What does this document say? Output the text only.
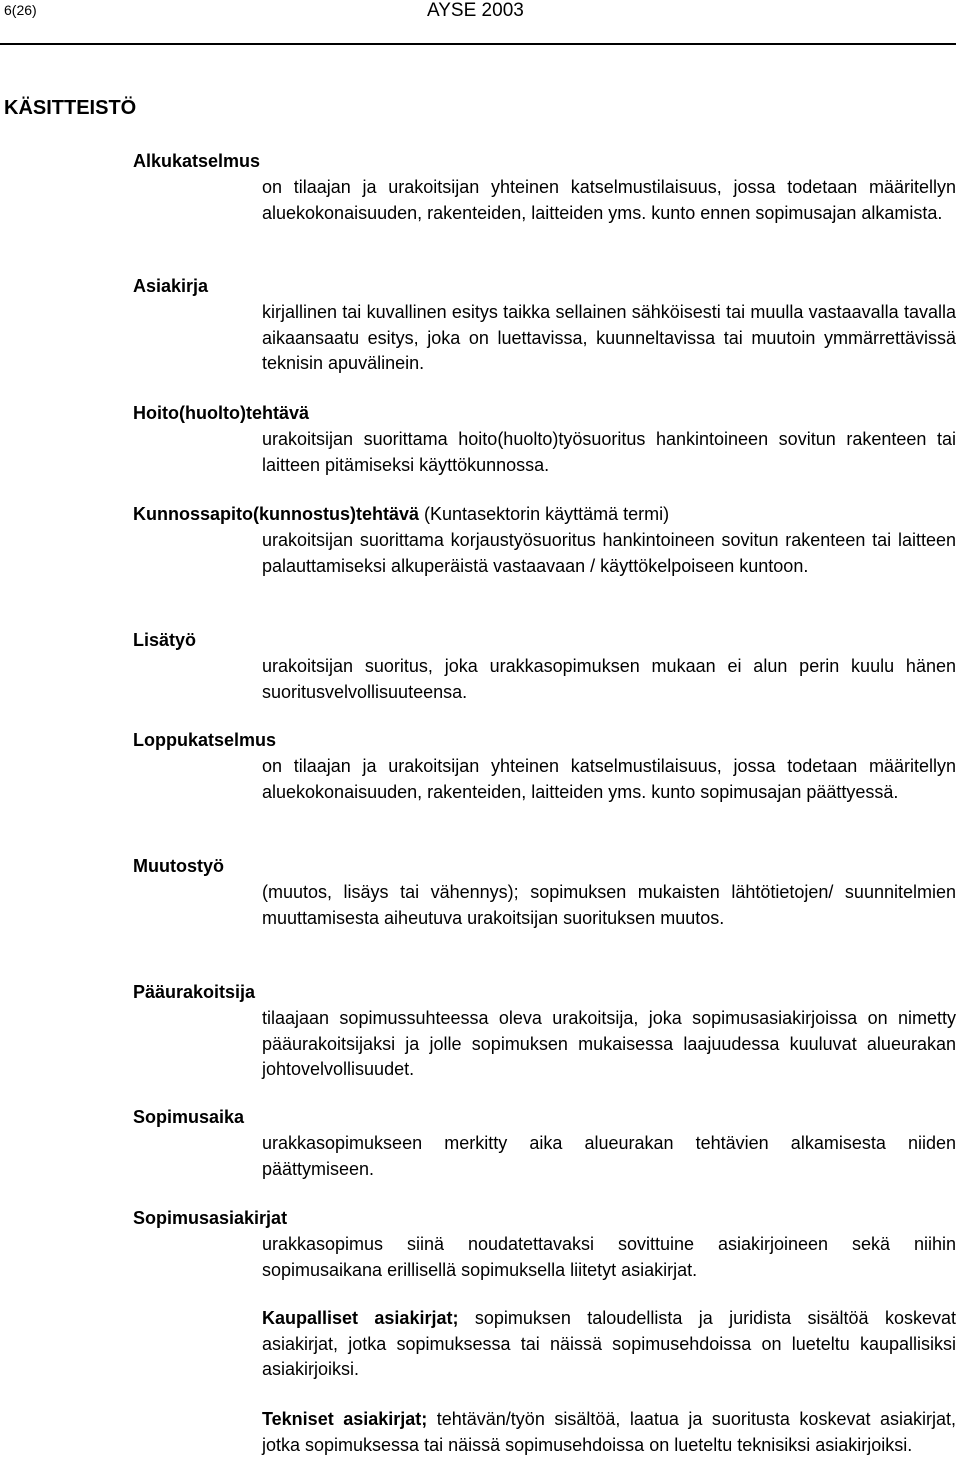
6(26)	AYSE 2003
KÄSITTEISTÖ
Alkukatselmus
on tilaajan ja urakoitsijan yhteinen katselmustilaisuus, jossa todetaan määritellyn aluekokonaisuuden, rakenteiden, laitteiden yms. kunto ennen sopimusajan alkamista.
Asiakirja
kirjallinen tai kuvallinen esitys taikka sellainen sähköisesti tai muulla vastaavalla tavalla aikaansaatu esitys, joka on luettavissa, kuunneltavissa tai muutoin ymmärrettävissä teknisin apuvälinein.
Hoito(huolto)tehtävä
urakoitsijan suorittama hoito(huolto)työsuoritus hankintoineen sovitun rakenteen tai laitteen pitämiseksi käyttökunnossa.
Kunnossapito(kunnostus)tehtävä (Kuntasektorin käyttämä termi)
urakoitsijan suorittama korjaustyösuoritus hankintoineen sovitun rakenteen tai laitteen palauttamiseksi alkuperäistä vastaavaan / käyttökelpoiseen kuntoon.
Lisätyö
urakoitsijan suoritus, joka urakkasopimuksen mukaan ei alun perin kuulu hänen suoritusvelvollisuuteensa.
Loppukatselmus
on tilaajan ja urakoitsijan yhteinen katselmustilaisuus, jossa todetaan määritellyn aluekokonaisuuden, rakenteiden, laitteiden yms. kunto sopimusajan päättyessä.
Muutostyö
(muutos, lisäys tai vähennys); sopimuksen mukaisten lähtötietojen/ suunnitelmien muuttamisesta aiheutuva urakoitsijan suorituksen muutos.
Pääurakoitsija
tilaajaan sopimussuhteessa oleva urakoitsija, joka sopimusasiakirjoissa on nimetty pääurakoitsijaksi ja jolle sopimuksen mukaisessa laajuudessa kuuluvat alueurakan johtovelvollisuudet.
Sopimusaika
urakkasopimukseen merkitty aika alueurakan tehtävien alkamisesta niiden päättymiseen.
Sopimusasiakirjat
urakkasopimus siinä noudatettavaksi sovittuine asiakirjoineen sekä niihin sopimusaikana erillisellä sopimuksella liitetyt asiakirjat.
Kaupalliset asiakirjat; sopimuksen taloudellista ja juridista sisältöä koskevat asiakirjat, jotka sopimuksessa tai näissä sopimusehdoissa on lueteltu kaupallisiksi asiakirjoiksi.
Tekniset asiakirjat; tehtävän/työn sisältöä, laatua ja suoritusta koskevat asiakirjat, jotka sopimuksessa tai näissä sopimusehdoissa on lueteltu teknisiksi asiakirjoiksi.
